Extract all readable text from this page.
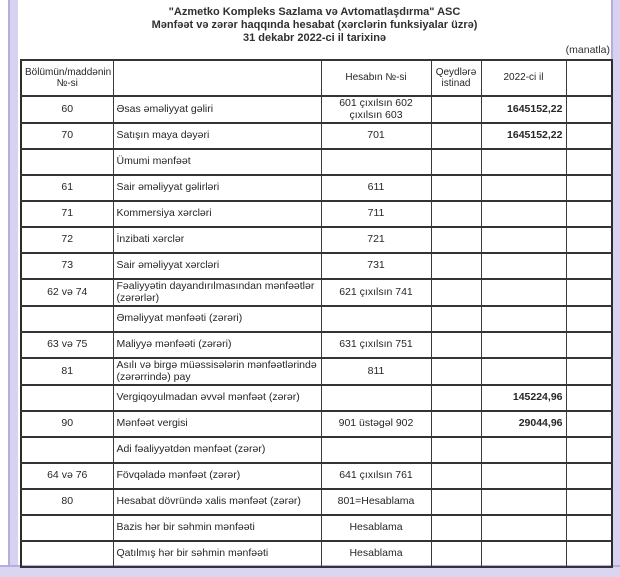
"Azmetko Kompleks Sazlama və Avtomatlaşdırma" ASC
Mənfəət və zərər haqqında hesabat (xərclərin funksiyalar üzrə)
31 dekabr 2022-ci il tarixinə
(manatla)
Bölümün/maddənin №-si		Hesabın №-si	Qeydlərə istinad	2022-ci il	
60	Əsas əməliyyat gəliri	601 çıxılsın 602 çıxılsın 603		1645152,22	
70	Satışın maya dəyəri	701		1645152,22	
	Ümumi mənfəət				
61	Sair əməliyyat gəlirləri	611			
71	Kommersiya xərcləri	711			
72	İnzibati xərclər	721			
73	Sair əməliyyat xərcləri	731			
62 və 74	Fəaliyyətin dayandırılmasından mənfəətlər (zərərlər)	621 çıxılsın 741			
	Əməliyyat mənfəəti (zərəri)				
63 və 75	Maliyyə mənfəəti (zərəri)	631 çıxılsın 751			
81	Asılı və birgə müəssisələrin mənfəətlərində (zərərrində) pay	811			
	Vergiqoyulmadan əvvəl mənfəət (zərər)			145224,96	
90	Mənfəət vergisi	901 üstəgəl 902		29044,96	
	Adi fəaliyyətdən mənfəət (zərər)				
64 və 76	Fövqəladə mənfəət (zərər)	641 çıxılsın 761			
80	Hesabat dövründə xalis mənfəət (zərər)	801=Hesablama			
	Bazis hər bir səhmin mənfəəti	Hesablama			
	Qatılmış hər bir səhmin mənfəəti	Hesablama			
